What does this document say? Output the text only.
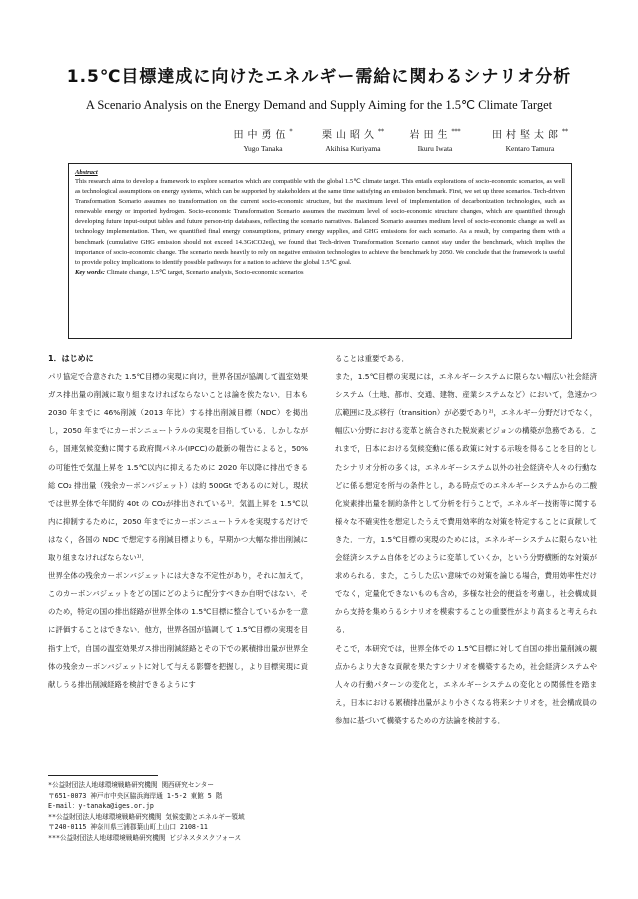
1.5℃目標達成に向けたエネルギー需給に関わるシナリオ分析
A Scenario Analysis on the Energy Demand and Supply Aiming for the 1.5℃ Climate Target
田中勇伍*
Yugo Tanaka
栗山昭久**
Akihisa Kuriyama
岩田生***
Ikuru Iwata
田村堅太郎**
Kentaro Tamura
Abstract
This research aims to develop a framework to explore scenarios which are compatible with the global 1.5℃ climate target. This entails explorations of socio-economic scenarios, as well as technological assumptions on energy systems, which can be supported by stakeholders at the same time satisfying an emission benchmark. First, we set up three scenarios. Tech-driven Transformation Scenario assumes no transformation on the current socio-economic structure, but the maximum level of implementation of decarbonization technologies, such as renewable energy or imported hydrogen. Socio-economic Transformation Scenario assumes the maximum level of socio-economic structure changes, which are quantified through developing future input-output tables and future person-trip databases, reflecting the scenario narratives. Balanced Scenario assumes medium level of socio-economic change as well as technology implementation. Then, we quantified final energy consumptions, primary energy supplies, and GHG emissions for each scenario. As a result, by comparing them with a benchmark (cumulative GHG emission should not exceed 14.3GtCO2eq), we found that Tech-driven Transformation Scenario cannot stay under the benchmark, which implies the importance of socio-economic change. The scenario needs heavily to rely on negative emission technologies to achieve the benchmark by 2050. We conclude that the framework is useful to provide policy implications to identify possible pathways for a nation to achieve the global 1.5℃ goal.
Key words: Climate change, 1.5℃ target, Scenario analysis, Socio-economic scenarios
1．はじめに

パリ協定で合意された 1.5℃目標の実現に向け，世界各国が協調して温室効果ガス排出量の削減に取り組まなければならないことは論を俟たない．日本も 2030 年までに 46%削減（2013 年比）する排出削減目標（NDC）を掲出し，2050 年までにカーボンニュートラルの実現を目指している．しかしながら，国連気候変動に関する政府間パネル(IPCC)の最新の報告によると，50%の可能性で気温上昇を 1.5℃以内に抑えるために 2020 年以降に排出できる総 CO₂ 排出量（残余カーボンバジェット）は約 500Gt であるのに対し，現状では世界全体で年間約 40t の CO₂が排出されている¹⁾．気温上昇を 1.5℃以内に抑制するために，2050 年までにカーボンニュートラルを実現するだけではなく，各国の NDC で想定する削減目標よりも，早期かつ大幅な排出削減に取り組まなければならない¹⁾．

世界全体の残余カーボンバジェットには大きな不定性があり，それに加えて，このカーボンバジェットをどの国にどのように配分すべきか自明ではない．そのため，特定の国の排出経路が世界全体の 1.5℃目標に整合しているかを一意に評価することはできない．他方，世界各国が協調して 1.5℃目標の実現を目指す上で，自国の温室効果ガス排出削減経路とその下での累積排出量が世界全体の残余カーボンバジェットに対して与える影響を把握し，より目標実現に貢献しうる排出削減経路を検討できるようにす

ることは重要である．

また，1.5℃目標の実現には，エネルギーシステムに限らない幅広い社会経済システム（土地、都市、交通、建物、産業システムなど）において，急速かつ広範囲に及ぶ移行（transition）が必要であり²⁾，エネルギー分野だけでなく，幅広い分野における変革と統合された脱炭素ビジョンの構築が急務である．これまで，日本における気候変動に係る政策に対する示唆を得ることを目的としたシナリオ分析の多くは，エネルギーシステム以外の社会経済や人々の行動などに係る想定を所与の条件とし，ある時点でのエネルギーシステムからの二酸化炭素排出量を制約条件として分析を行うことで，エネルギー技術等に関する様々な不確実性を想定したうえで費用効率的な対策を特定することに貢献してきた．一方，1.5℃目標の実現のためには，エネルギーシステムに限らない社会経済システム自体をどのように変革していくか，という分野横断的な対策が求められる．また，こうした広い意味での対策を論じる場合，費用効率性だけでなく，定量化できないものも含め，多様な社会的便益を考慮し，社会構成員から支持を集めうるシナリオを模索することの重要性がより高まると考えられる．

そこで，本研究では，世界全体での 1.5℃目標に対して自国の排出量削減の観点からより大きな貢献を果たすシナリオを構築するため，社会経済システムや人々の行動パターンの変化と，エネルギーシステムの変化との関係性を踏まえ，日本における累積排出量がより小さくなる将来シナリオを，社会構成員の参加に基づいて構築するための方法論を検討する．

*公益財団法人地球環境戦略研究機関 関西研究センター
〒651-0073 神戸市中央区脇浜海岸通 1-5-2 東館 5 階
E-mail：y-tanaka@iges.or.jp
**公益財団法人地球環境戦略研究機関 気候変動とエネルギー領域
〒240-0115 神奈川県三浦郡葉山町上山口 2108-11
***公益財団法人地球環境戦略研究機関 ビジネスタスクフォース
